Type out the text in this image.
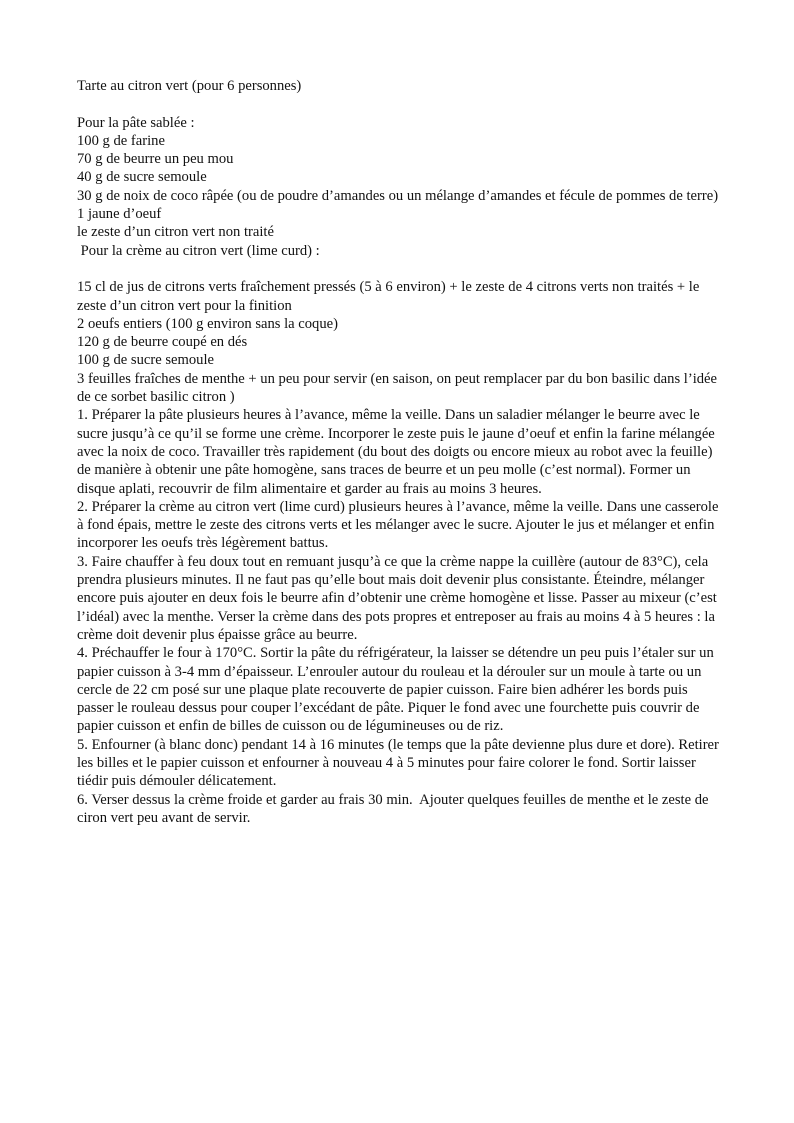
Tarte au citron vert (pour 6 personnes)

Pour la pâte sablée :

100 g de farine

70 g de beurre un peu mou

40 g de sucre semoule

30 g de noix de coco râpée (ou de poudre d’amandes ou un mélange d’amandes et fécule de pommes de terre)

1 jaune d’oeuf

le zeste d’un citron vert non traité

Pour la crème au citron vert (lime curd) :

15 cl de jus de citrons verts fraîchement pressés (5 à 6 environ) + le zeste de 4 citrons verts non traités + le zeste d’un citron vert pour la finition

2 oeufs entiers (100 g environ sans la coque)

120 g de beurre coupé en dés

100 g de sucre semoule

3 feuilles fraîches de menthe + un peu pour servir (en saison, on peut remplacer par du bon basilic dans l’idée de ce sorbet basilic citron )

1. Préparer la pâte plusieurs heures à l’avance, même la veille. Dans un saladier mélanger le beurre avec le sucre jusqu’à ce qu’il se forme une crème. Incorporer le zeste puis le jaune d’oeuf et enfin la farine mélangée avec la noix de coco. Travailler très rapidement (du bout des doigts ou encore mieux au robot avec la feuille) de manière à obtenir une pâte homogène, sans traces de beurre et un peu molle (c’est normal). Former un disque aplati, recouvrir de film alimentaire et garder au frais au moins 3 heures.

2. Préparer la crème au citron vert (lime curd) plusieurs heures à l’avance, même la veille. Dans une casserole à fond épais, mettre le zeste des citrons verts et les mélanger avec le sucre. Ajouter le jus et mélanger et enfin incorporer les oeufs très légèrement battus.

3. Faire chauffer à feu doux tout en remuant jusqu’à ce que la crème nappe la cuillère (autour de 83°C), cela prendra plusieurs minutes. Il ne faut pas qu’elle bout mais doit devenir plus consistante. Éteindre, mélanger encore puis ajouter en deux fois le beurre afin d’obtenir une crème homogène et lisse. Passer au mixeur (c’est l’idéal) avec la menthe. Verser la crème dans des pots propres et entreposer au frais au moins 4 à 5 heures : la crème doit devenir plus épaisse grâce au beurre.

4. Préchauffer le four à 170°C. Sortir la pâte du réfrigérateur, la laisser se détendre un peu puis l’étaler sur un papier cuisson à 3-4 mm d’épaisseur. L’enrouler autour du rouleau et la dérouler sur un moule à tarte ou un cercle de 22 cm posé sur une plaque plate recouverte de papier cuisson. Faire bien adhérer les bords puis passer le rouleau dessus pour couper l’excédant de pâte. Piquer le fond avec une fourchette puis couvrir de papier cuisson et enfin de billes de cuisson ou de légumineuses ou de riz.

5. Enfourner (à blanc donc) pendant 14 à 16 minutes (le temps que la pâte devienne plus dure et dore). Retirer les billes et le papier cuisson et enfourner à nouveau 4 à 5 minutes pour faire colorer le fond. Sortir laisser tiédir puis démouler délicatement.

6. Verser dessus la crème froide et garder au frais 30 min.  Ajouter quelques feuilles de menthe et le zeste de ciron vert peu avant de servir.
